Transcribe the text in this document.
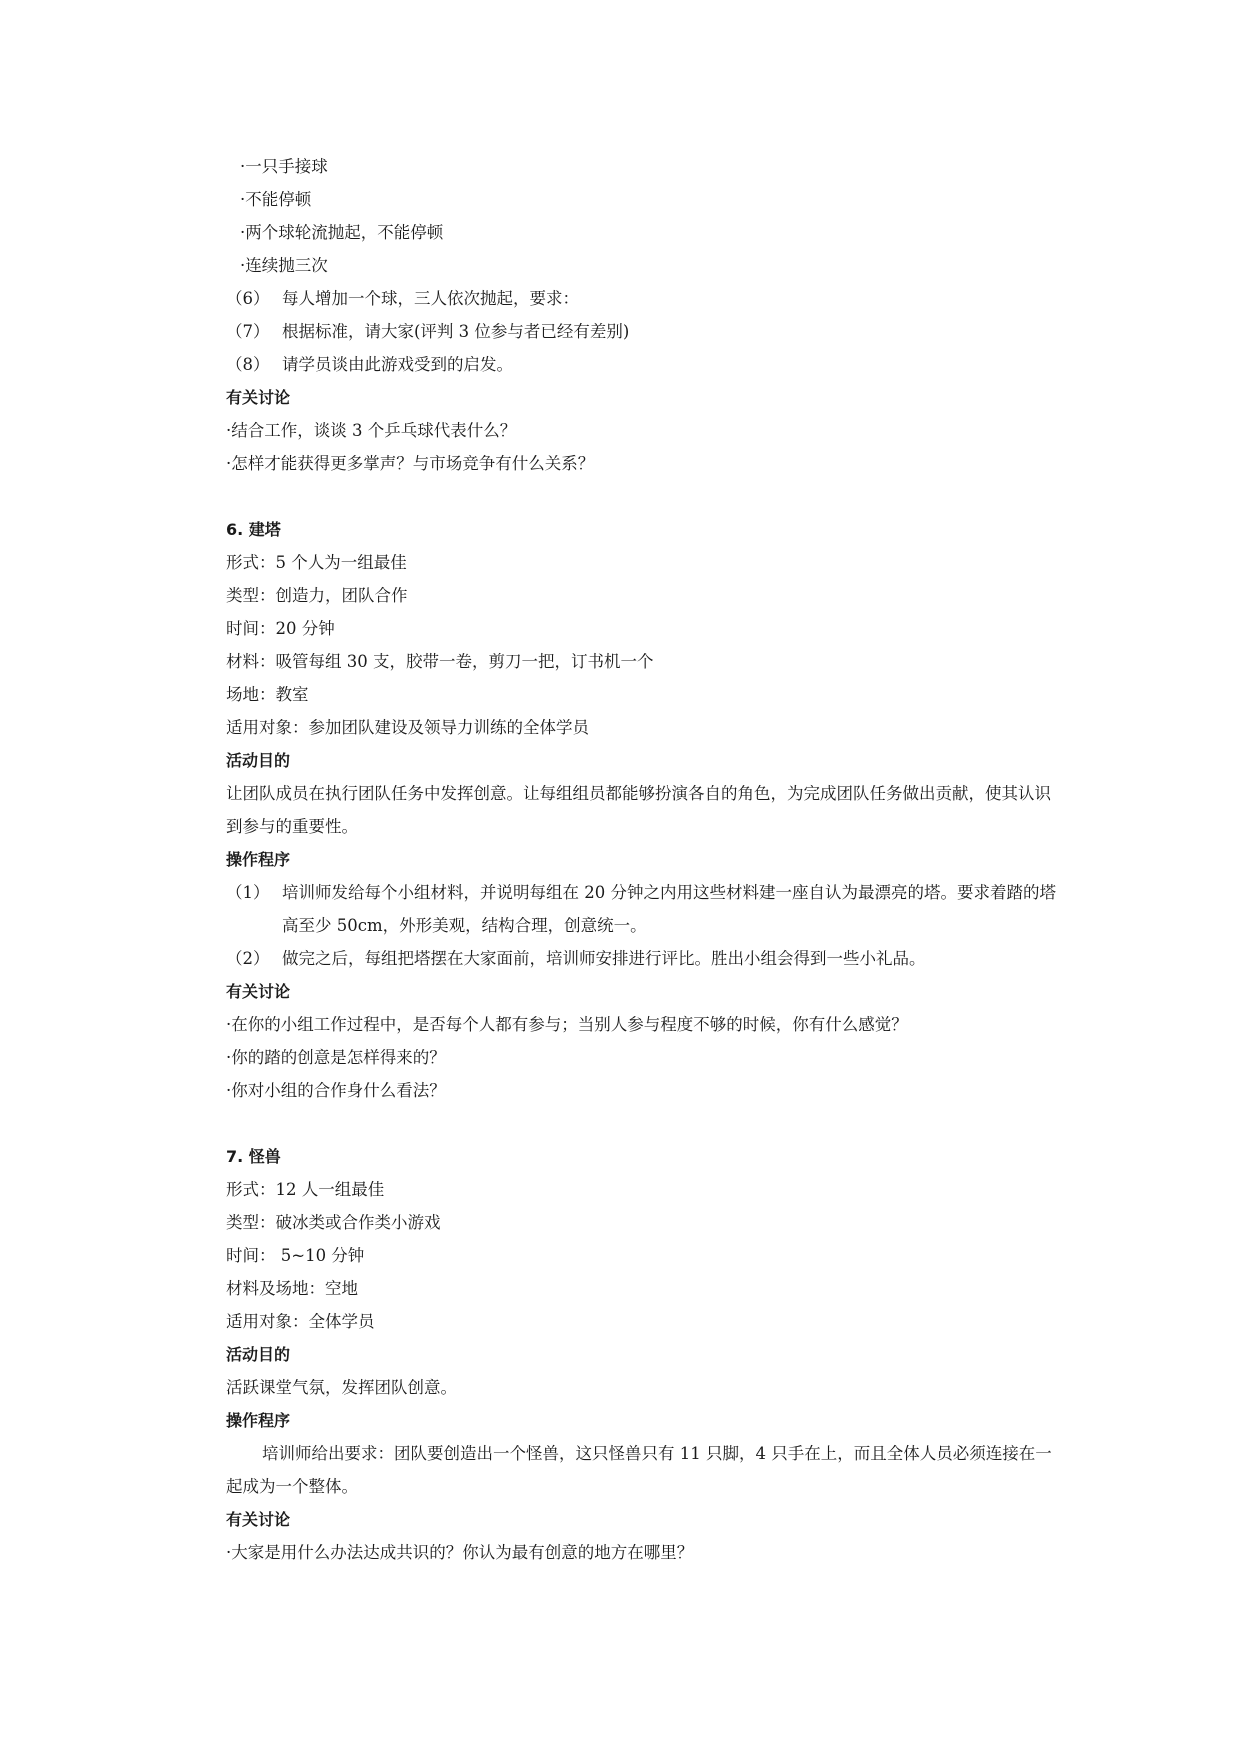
·一只手接球
·不能停顿
·两个球轮流抛起，不能停顿
·连续抛三次
（6） 每人增加一个球，三人依次抛起，要求：
（7） 根据标准，请大家(评判 3 位参与者已经有差别)
（8） 请学员谈由此游戏受到的启发。
有关讨论
·结合工作，谈谈 3 个乒乓球代表什么？
·怎样才能获得更多掌声？与市场竞争有什么关系？
6. 建塔
形式：5 个人为一组最佳
类型：创造力，团队合作
时间：20 分钟
材料：吸管每组 30 支，胶带一卷，剪刀一把，订书机一个
场地：教室
适用对象：参加团队建设及领导力训练的全体学员
活动目的
让团队成员在执行团队任务中发挥创意。让每组组员都能够扮演各自的角色，为完成团队任务做出贡献，使其认识到参与的重要性。
操作程序
（1） 培训师发给每个小组材料，并说明每组在 20 分钟之内用这些材料建一座自认为最漂亮的塔。要求着踏的塔高至少 50cm，外形美观，结构合理，创意统一。
（2） 做完之后，每组把塔摆在大家面前，培训师安排进行评比。胜出小组会得到一些小礼品。
有关讨论
·在你的小组工作过程中，是否每个人都有参与；当别人参与程度不够的时候，你有什么感觉？
·你的踏的创意是怎样得来的？
·你对小组的合作身什么看法？
7. 怪兽
形式：12 人一组最佳
类型：破冰类或合作类小游戏
时间： 5~10 分钟
材料及场地：空地
适用对象：全体学员
活动目的
活跃课堂气氛，发挥团队创意。
操作程序
培训师给出要求：团队要创造出一个怪兽，这只怪兽只有 11 只脚，4 只手在上，而且全体人员必须连接在一起成为一个整体。
有关讨论
·大家是用什么办法达成共识的？你认为最有创意的地方在哪里？
